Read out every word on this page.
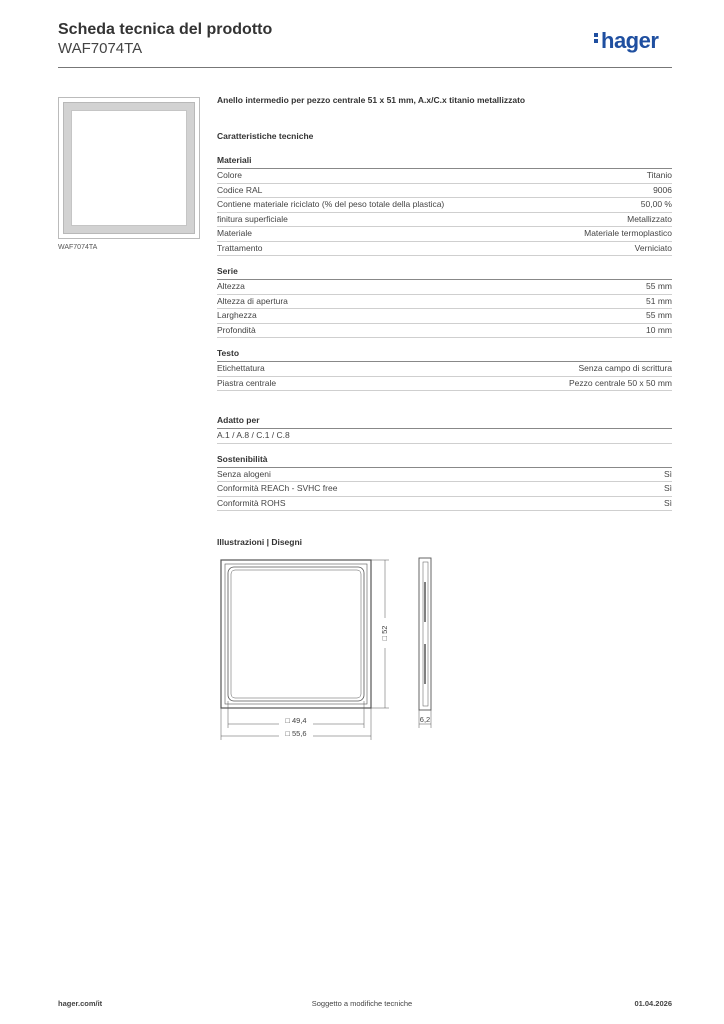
Scheda tecnica del prodotto
WAF7074TA	hager
WAF7074TA
Anello intermedio per pezzo centrale 51 x 51 mm, A.x/C.x titanio metallizzato
Caratteristiche tecniche
Materiali
Colore	Titanio
Codice RAL	9006
Contiene materiale riciclato (% del peso totale della plastica)	50,00 %
finitura superficiale	Metallizzato
Materiale	Materiale termoplastico
Trattamento	Verniciato
Serie
Altezza	55 mm
Altezza di apertura	51 mm
Larghezza	55 mm
Profondità	10 mm
Testo
Etichettatura	Senza campo di scrittura
Piastra centrale	Pezzo centrale 50 x 50 mm
Adatto per
A.1 / A.8 / C.1 / C.8
Sostenibilità
Senza alogeni	Sì
Conformità REACh - SVHC free	Sì
Conformità ROHS	Sì
Illustrazioni | Disegni
□ 49,4
□ 55,6
□ 52
6,2
hager.com/it	Soggetto a modifiche tecniche	01.04.2026
